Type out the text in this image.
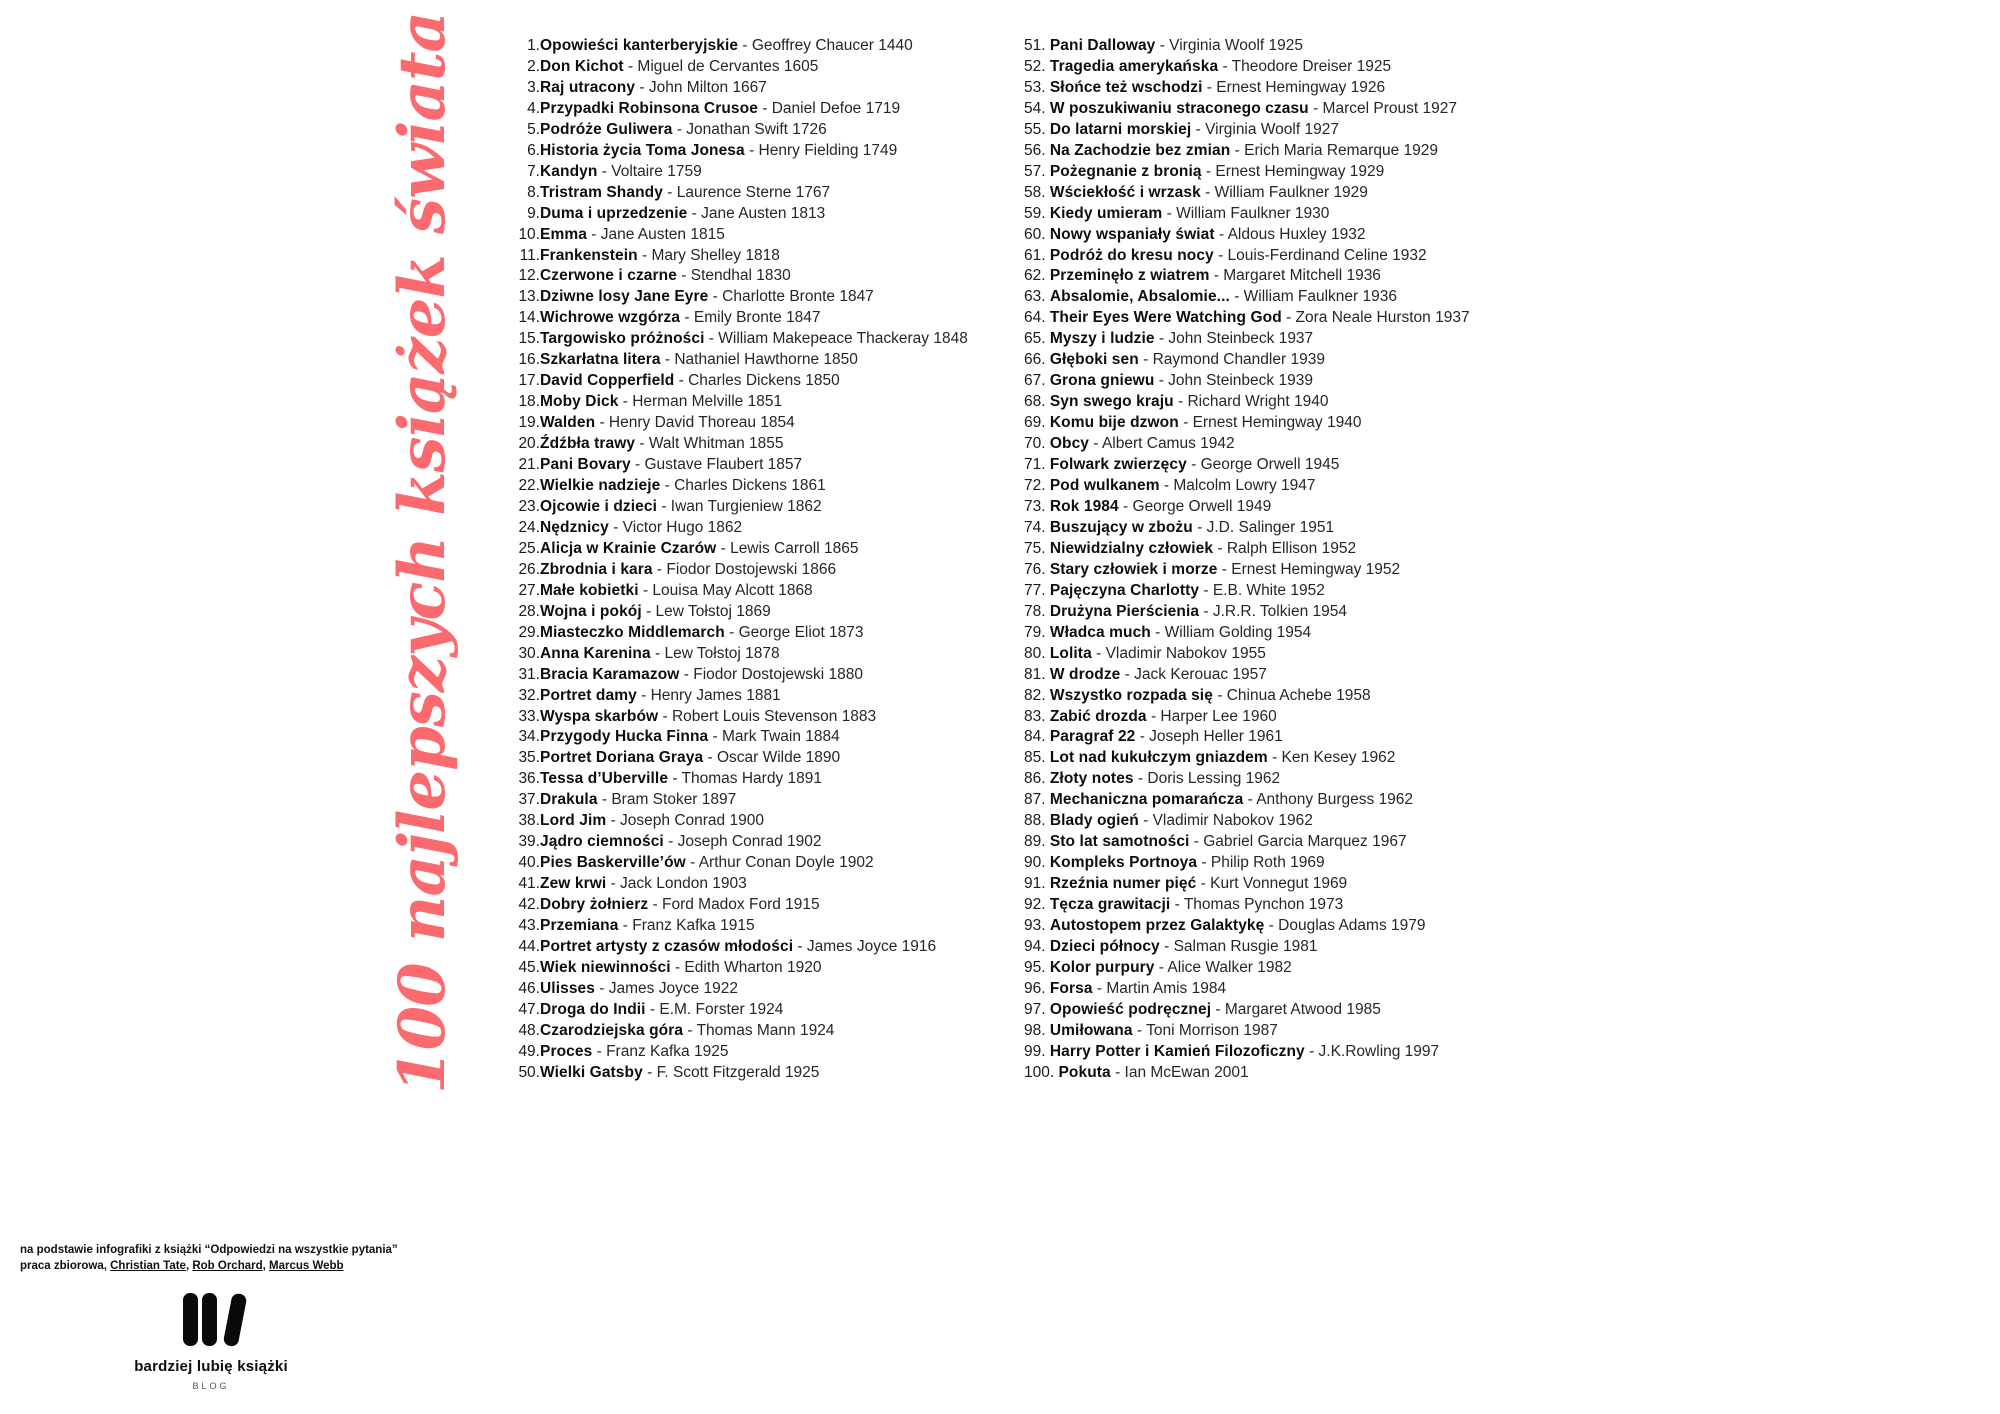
100 najlepszych książek świata	1.Opowieści kanterberyjskie - Geoffrey Chaucer 1440
2.Don Kichot - Miguel de Cervantes 1605
3.Raj utracony - John Milton 1667
4.Przypadki Robinsona Crusoe - Daniel Defoe 1719
5.Podróże Guliwera - Jonathan Swift 1726
6.Historia życia Toma Jonesa - Henry Fielding 1749
7.Kandyn - Voltaire 1759
8.Tristram Shandy - Laurence Sterne 1767
9.Duma i uprzedzenie - Jane Austen 1813
10.Emma - Jane Austen 1815
11.Frankenstein - Mary Shelley 1818
12.Czerwone i czarne - Stendhal 1830
13.Dziwne losy Jane Eyre - Charlotte Bronte 1847
14.Wichrowe wzgórza - Emily Bronte 1847
15.Targowisko próżności - William Makepeace Thackeray 1848
16.Szkarłatna litera - Nathaniel Hawthorne 1850
17.David Copperfield - Charles Dickens 1850
18.Moby Dick - Herman Melville 1851
19.Walden - Henry David Thoreau 1854
20.Źdźbła trawy - Walt Whitman 1855
21.Pani Bovary - Gustave Flaubert 1857
22.Wielkie nadzieje - Charles Dickens 1861
23.Ojcowie i dzieci - Iwan Turgieniew 1862
24.Nędznicy - Victor Hugo 1862
25.Alicja w Krainie Czarów - Lewis Carroll 1865
26.Zbrodnia i kara - Fiodor Dostojewski 1866
27.Małe kobietki - Louisa May Alcott 1868
28.Wojna i pokój - Lew Tołstoj 1869
29.Miasteczko Middlemarch - George Eliot 1873
30.Anna Karenina - Lew Tołstoj 1878
31.Bracia Karamazow - Fiodor Dostojewski 1880
32.Portret damy - Henry James 1881
33.Wyspa skarbów - Robert Louis Stevenson 1883
34.Przygody Hucka Finna - Mark Twain 1884
35.Portret Doriana Graya - Oscar Wilde 1890
36.Tessa d’Uberville - Thomas Hardy 1891
37.Drakula - Bram Stoker 1897
38.Lord Jim - Joseph Conrad 1900
39.Jądro ciemności - Joseph Conrad 1902
40.Pies Baskerville’ów - Arthur Conan Doyle 1902
41.Zew krwi - Jack London 1903
42.Dobry żołnierz - Ford Madox Ford 1915
43.Przemiana - Franz Kafka 1915
44.Portret artysty z czasów młodości - James Joyce 1916
45.Wiek niewinności - Edith Wharton 1920
46.Ulisses - James Joyce 1922
47.Droga do Indii - E.M. Forster 1924
48.Czarodziejska góra - Thomas Mann 1924
49.Proces - Franz Kafka 1925
50.Wielki Gatsby - F. Scott Fitzgerald 1925
51. Pani Dalloway - Virginia Woolf 1925
52. Tragedia amerykańska - Theodore Dreiser 1925
53. Słońce też wschodzi - Ernest Hemingway 1926
54. W poszukiwaniu straconego czasu - Marcel Proust 1927
55. Do latarni morskiej - Virginia Woolf 1927
56. Na Zachodzie bez zmian - Erich Maria Remarque 1929
57. Pożegnanie z bronią - Ernest Hemingway 1929
58. Wściekłość i wrzask - William Faulkner 1929
59. Kiedy umieram - William Faulkner 1930
60. Nowy wspaniały świat - Aldous Huxley 1932
61. Podróż do kresu nocy - Louis-Ferdinand Celine 1932
62. Przeminęło z wiatrem - Margaret Mitchell 1936
63. Absalomie, Absalomie... - William Faulkner 1936
64. Their Eyes Were Watching God - Zora Neale Hurston 1937
65. Myszy i ludzie - John Steinbeck 1937
66. Głęboki sen - Raymond Chandler 1939
67. Grona gniewu - John Steinbeck 1939
68. Syn swego kraju - Richard Wright 1940
69. Komu bije dzwon - Ernest Hemingway 1940
70. Obcy - Albert Camus 1942
71. Folwark zwierzęcy - George Orwell 1945
72. Pod wulkanem - Malcolm Lowry 1947
73. Rok 1984 - George Orwell 1949
74. Buszujący w zbożu - J.D. Salinger 1951
75. Niewidzialny człowiek - Ralph Ellison 1952
76. Stary człowiek i morze - Ernest Hemingway 1952
77. Pajęczyna Charlotty - E.B. White 1952
78. Drużyna Pierścienia - J.R.R. Tolkien 1954
79. Władca much - William Golding 1954
80. Lolita - Vladimir Nabokov 1955
81. W drodze - Jack Kerouac 1957
82. Wszystko rozpada się - Chinua Achebe 1958
83. Zabić drozda - Harper Lee 1960
84. Paragraf 22 - Joseph Heller 1961
85. Lot nad kukułczym gniazdem - Ken Kesey 1962
86. Złoty notes - Doris Lessing 1962
87. Mechaniczna pomarańcza - Anthony Burgess 1962
88. Blady ogień - Vladimir Nabokov 1962
89. Sto lat samotności - Gabriel Garcia Marquez 1967
90. Kompleks Portnoya - Philip Roth 1969
91. Rzeźnia numer pięć - Kurt Vonnegut 1969
92. Tęcza grawitacji - Thomas Pynchon 1973
93. Autostopem przez Galaktykę - Douglas Adams 1979
94. Dzieci północy - Salman Rusgie 1981
95. Kolor purpury - Alice Walker 1982
96. Forsa - Martin Amis 1984
97. Opowieść podręcznej - Margaret Atwood 1985
98. Umiłowana - Toni Morrison 1987
99. Harry Potter i Kamień Filozoficzny - J.K.Rowling 1997
100. Pokuta - Ian McEwan 2001
na podstawie infografiki z książki “Odpowiedzi na wszystkie pytania”
praca zbiorowa, Christian Tate, Rob Orchard, Marcus Webb
bardziej lubię książki
BLOG
